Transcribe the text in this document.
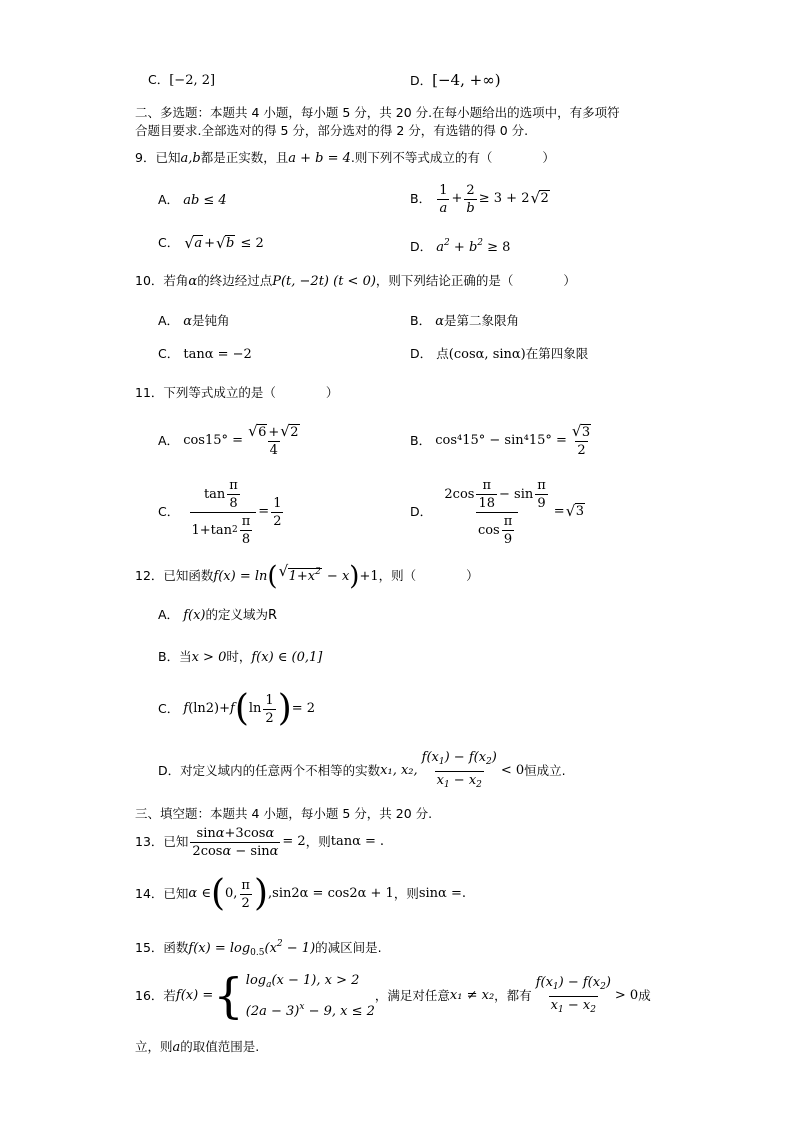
C．[−2, 2]	D．[−4, +∞)
二、多选题：本题共 4 小题，每小题 5 分，共 20 分.在每小题给出的选项中，有多项符
合题目要求.全部选对的得 5 分，部分选对的得 2 分，有选错的得 0 分.
9．已知a,b都是正实数，且a + b = 4.则下列不等式成立的有（　　　　）
A． ab ≤ 4	B．
$\frac{1}{a} + \frac{2}{b} \ge 3 + 2$ √ 2
C． √ a + √ b ≤ 2	D． $a^2 + b^2 \ge 8$
10．若角α的终边经过点P(t, −2t) (t < 0)，则下列结论正确的是（　　　　）
A． α是钝角	B． α是第二象限角
C． tanα = −2	D． 点(cosα, sinα)在第四象限
11．下列等式成立的是（　　　　）
A．
cos15° = √ $\frac{6 + √ 2}{4}$	B．
cos⁴15° − sin⁴15° = √ $\frac{3}{2}$
C．
$\frac{\tan \frac{\pi}{8}}{1+\tan 2 \frac{\pi}{8}} = \frac{1}{2}$	D．
$\frac{2\cos \frac{\pi}{18} - \sin \frac{\pi}{9}}{\cos \frac{\pi}{9}}$ = √ 3
12．已知函数f(x) = ln( √ $1+x^2 - x)+1$，则（　　　　）
A． f(x)的定义域为R
B．当x > 0时，f(x) ∈ (0,1]
C．
f (ln2)+ f ( $\ln \frac{1}{2}$ ) = 2
D． 对定义域内的任意两个不相等的实数 x₁, x₂, $\frac{f(x_1) - f(x_2)}{x_1 - x_2} < 0$ 恒成立.
三、填空题：本题共 4 小题，每小题 5 分，共 20 分.
13． 已知 $\frac{\sin\alpha+3\cos\alpha}{2\cos\alpha - \sin\alpha} = 2$ ，则 tanα = .
14． 已知 α ∈ ( 0, $\frac{\pi}{2}$ ) , sin2α = cos2α + 1 ，则 sinα = .
15．函数$f(x) = \log_{0.5}(x^2 - 1)$的减区间是.
16． 若 f(x) = { $\log_a(x - 1)$, x > 2
$(2a - 3)^x - 9$, x ≤ 2
，满足对任意 x₁ ≠ x₂ ，都有 $\frac{f(x_1) - f(x_2)}{x_1 - x_2} > 0$ 成
立，则a的取值范围是.
